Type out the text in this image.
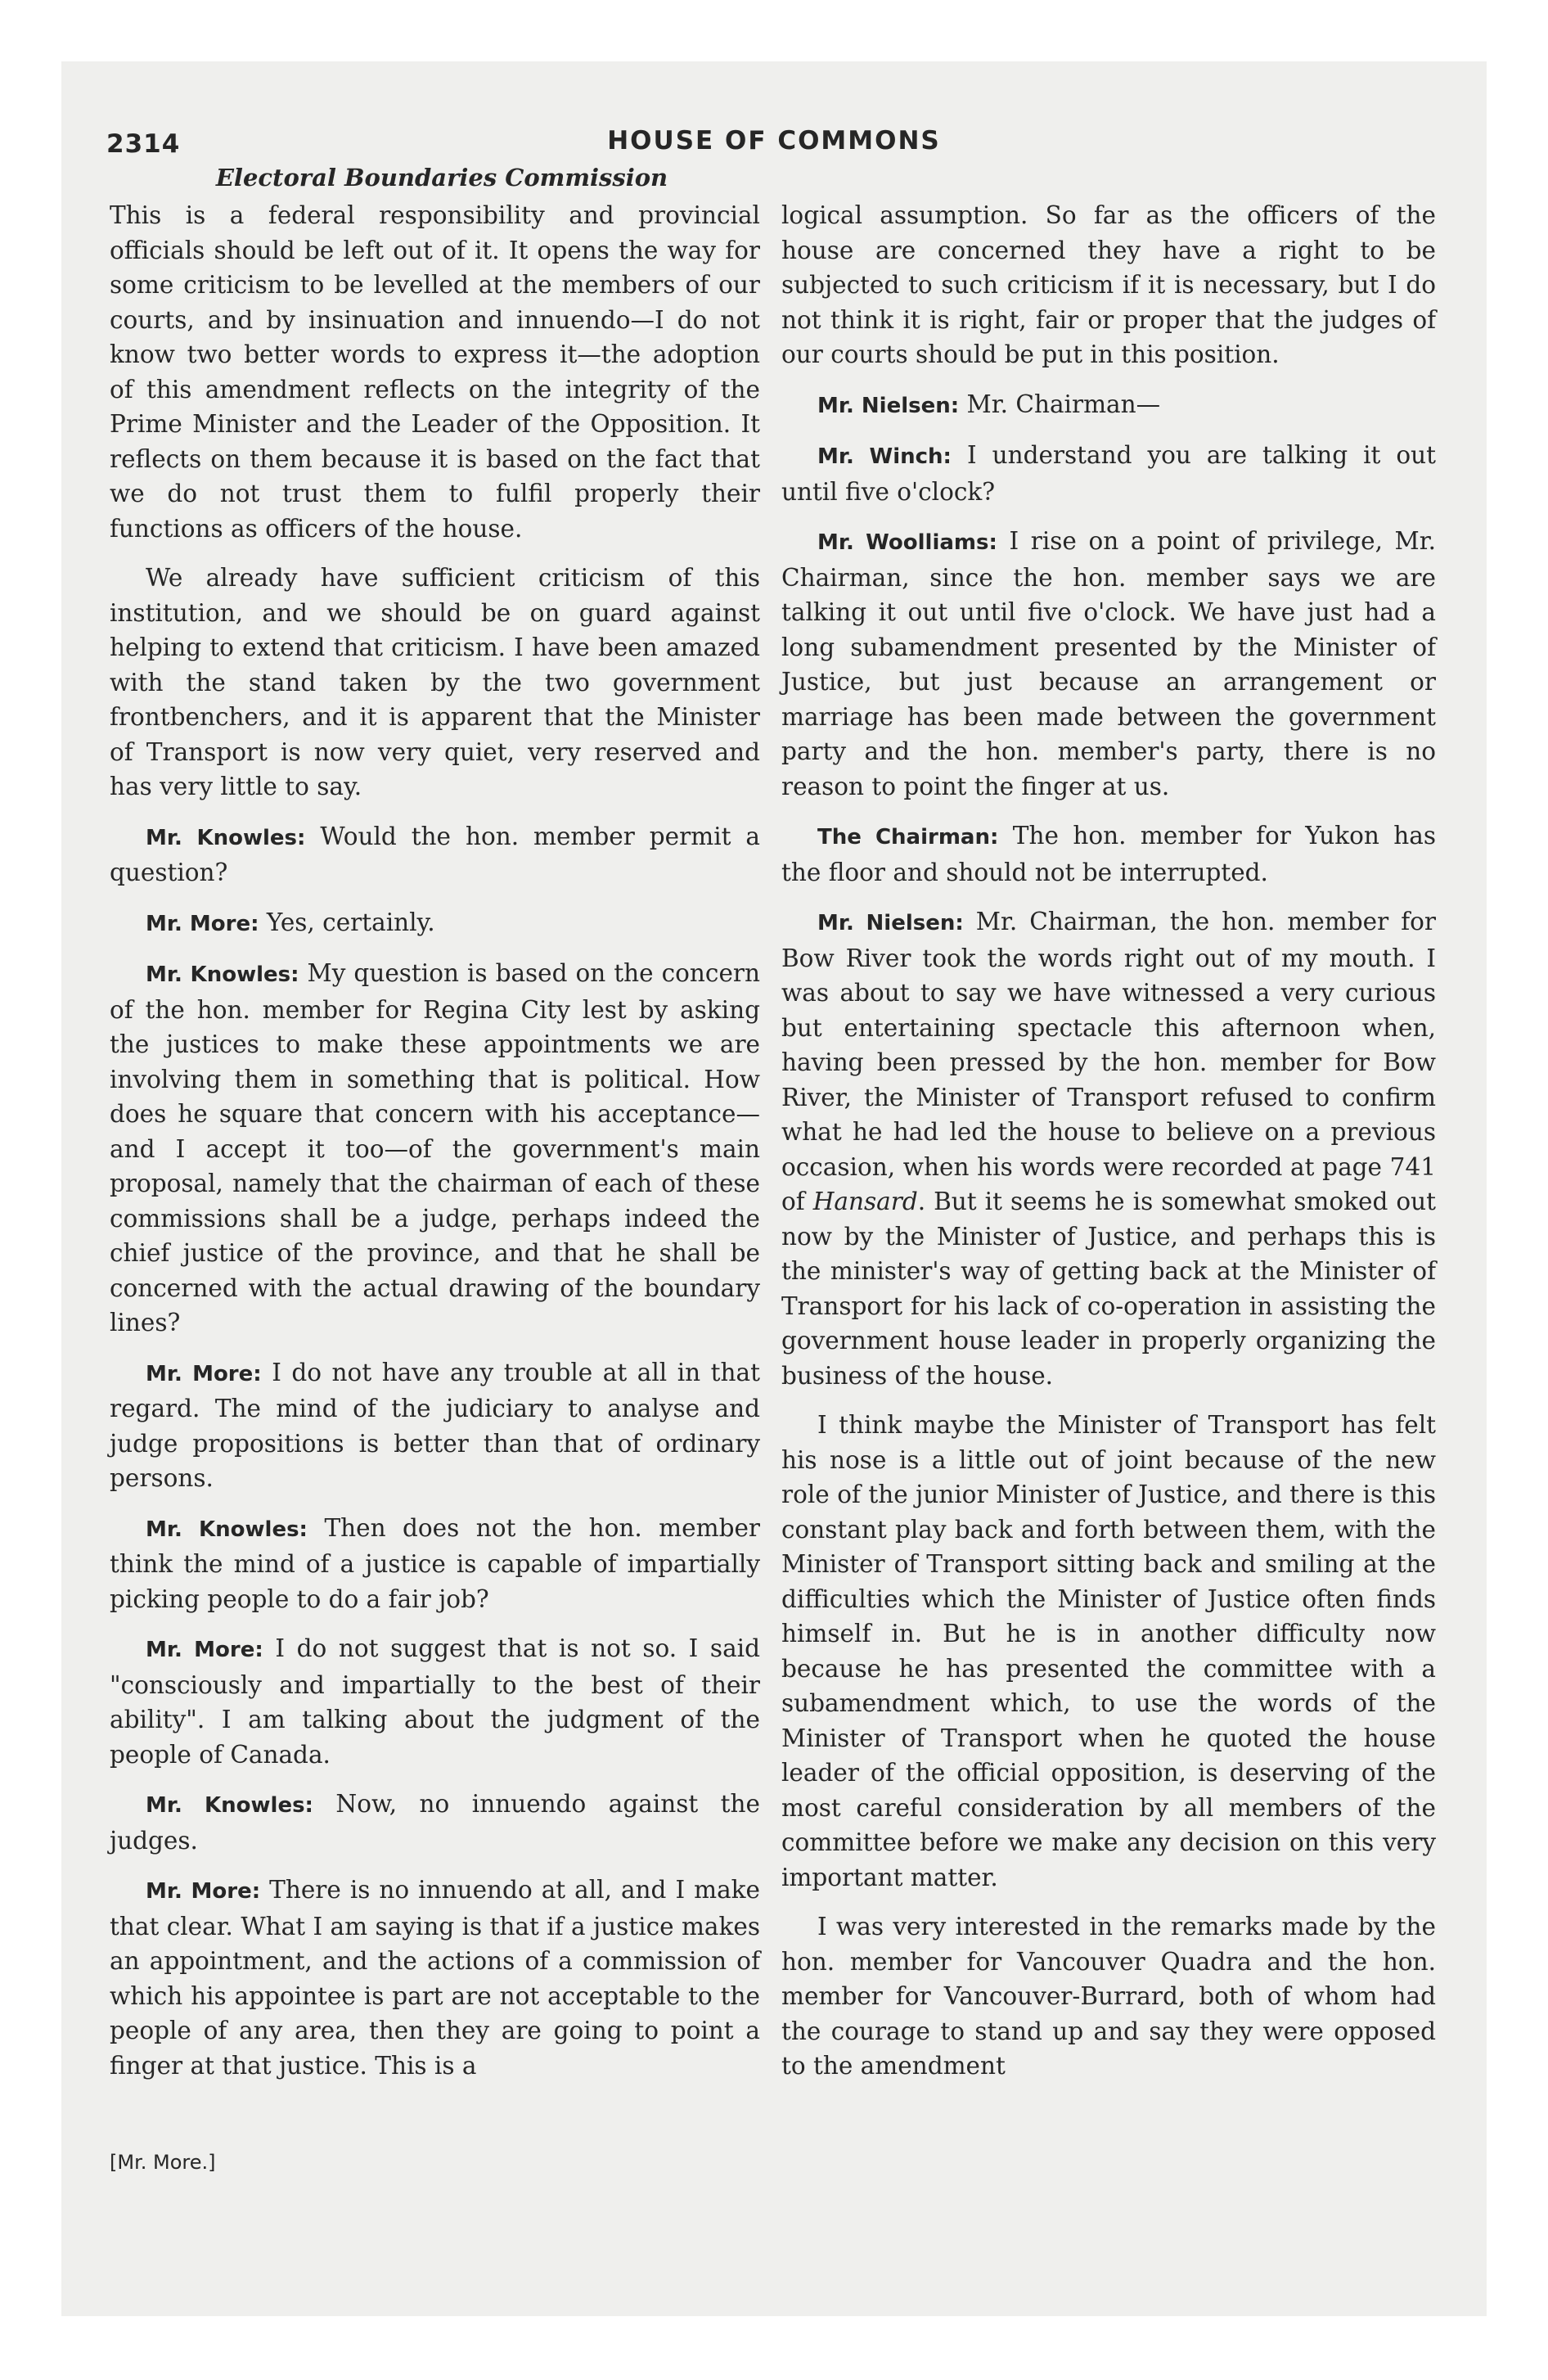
2314	HOUSE OF COMMONS
Electoral Boundaries Commission

This is a federal responsibility and provincial officials should be left out of it. It opens the way for some criticism to be levelled at the members of our courts, and by insinuation and innuendo—I do not know two better words to express it—the adoption of this amendment reflects on the integrity of the Prime Minister and the Leader of the Opposition. It reflects on them because it is based on the fact that we do not trust them to fulfil properly their functions as officers of the house.

We already have sufficient criticism of this institution, and we should be on guard against helping to extend that criticism. I have been amazed with the stand taken by the two government frontbenchers, and it is apparent that the Minister of Transport is now very quiet, very reserved and has very little to say.

Mr. Knowles: Would the hon. member permit a question?

Mr. More: Yes, certainly.

Mr. Knowles: My question is based on the concern of the hon. member for Regina City lest by asking the justices to make these appointments we are involving them in something that is political. How does he square that concern with his acceptance—and I accept it too—of the government's main proposal, namely that the chairman of each of these commissions shall be a judge, perhaps indeed the chief justice of the province, and that he shall be concerned with the actual drawing of the boundary lines?

Mr. More: I do not have any trouble at all in that regard. The mind of the judiciary to analyse and judge propositions is better than that of ordinary persons.

Mr. Knowles: Then does not the hon. member think the mind of a justice is capable of impartially picking people to do a fair job?

Mr. More: I do not suggest that is not so. I said "consciously and impartially to the best of their ability". I am talking about the judgment of the people of Canada.

Mr. Knowles: Now, no innuendo against the judges.

Mr. More: There is no innuendo at all, and I make that clear. What I am saying is that if a justice makes an appointment, and the actions of a commission of which his appointee is part are not acceptable to the people of any area, then they are going to point a finger at that justice. This is a

logical assumption. So far as the officers of the house are concerned they have a right to be subjected to such criticism if it is necessary, but I do not think it is right, fair or proper that the judges of our courts should be put in this position.

Mr. Nielsen: Mr. Chairman—

Mr. Winch: I understand you are talking it out until five o'clock?

Mr. Woolliams: I rise on a point of privilege, Mr. Chairman, since the hon. member says we are talking it out until five o'clock. We have just had a long subamendment presented by the Minister of Justice, but just because an arrangement or marriage has been made between the government party and the hon. member's party, there is no reason to point the finger at us.

The Chairman: The hon. member for Yukon has the floor and should not be interrupted.

Mr. Nielsen: Mr. Chairman, the hon. member for Bow River took the words right out of my mouth. I was about to say we have witnessed a very curious but entertaining spectacle this afternoon when, having been pressed by the hon. member for Bow River, the Minister of Transport refused to confirm what he had led the house to believe on a previous occasion, when his words were recorded at page 741 of Hansard. But it seems he is somewhat smoked out now by the Minister of Justice, and perhaps this is the minister's way of getting back at the Minister of Transport for his lack of co-operation in assisting the government house leader in properly organizing the business of the house.

I think maybe the Minister of Transport has felt his nose is a little out of joint because of the new role of the junior Minister of Justice, and there is this constant play back and forth between them, with the Minister of Transport sitting back and smiling at the difficulties which the Minister of Justice often finds himself in. But he is in another difficulty now because he has presented the committee with a subamendment which, to use the words of the Minister of Transport when he quoted the house leader of the official opposition, is deserving of the most careful consideration by all members of the committee before we make any decision on this very important matter.

I was very interested in the remarks made by the hon. member for Vancouver Quadra and the hon. member for Vancouver-Burrard, both of whom had the courage to stand up and say they were opposed to the amendment

[Mr. More.]
